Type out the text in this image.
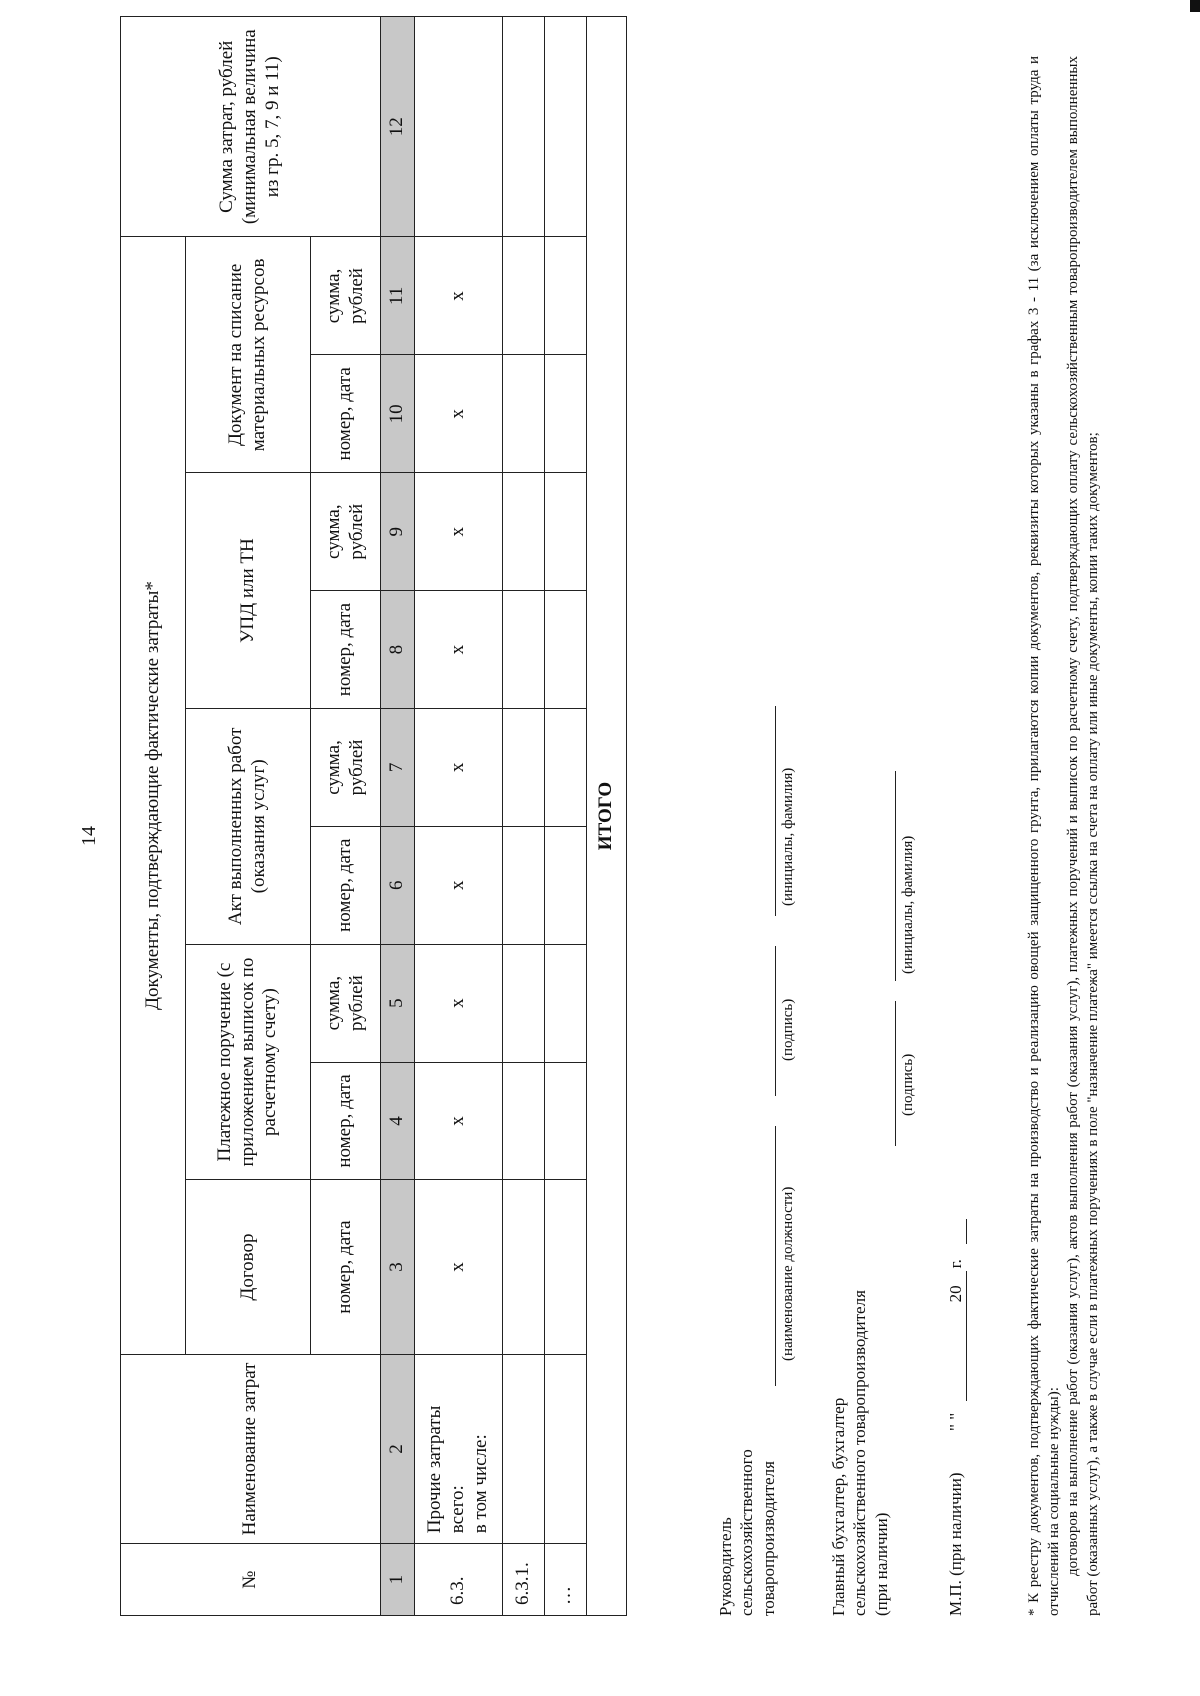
14
№	Наименование затрат	Документы, подтверждающие фактические затраты*									Сумма затрат, рублей (минимальная величина из гр. 5, 7, 9 и 11)
		Договор	Платежное поручение (с приложением выписок по расчетному счету)		Акт выполненных работ (оказания услуг)		УПД или ТН		Документ на списание материальных ресурсов		
		номер, дата	номер, дата	сумма, рублей	номер, дата	сумма, рублей	номер, дата	сумма, рублей	номер, дата	сумма, рублей	
1	2	3	4	5	6	7	8	9	10	11	12
6.3.	Прочие затраты всего: в том числе:	x	x	x	x	x	x	x	x	x	
6.3.1.											
…											
ИТОГО											
Руководитель сельскохозяйственного товаропроизводителя
(наименование должности)
(подпись)
(инициалы, фамилия)
Главный бухгалтер, бухгалтер сельскохозяйственного товаропроизводителя (при наличии)
(подпись)
(инициалы, фамилия)
М.П. (при наличии)
" "                          20    г.	* К реестру документов, подтверждающих фактические затраты на производство и реализацию овощей защищенного грунта, прилагаются копии документов, реквизиты которых указаны в графах 3 - 11 (за исключением оплаты труда и отчислений на социальные нужды): договоров на выполнение работ (оказания услуг), актов выполнения работ (оказания услуг), платежных поручений и выписок по расчетному счету, подтверждающих оплату сельскохозяйственным товаропроизводителем выполненных работ (оказанных услуг), а также в случае если в платежных поручениях в поле "назначение платежа" имеется ссылка на счета на оплату или иные документы, копии таких документов;
